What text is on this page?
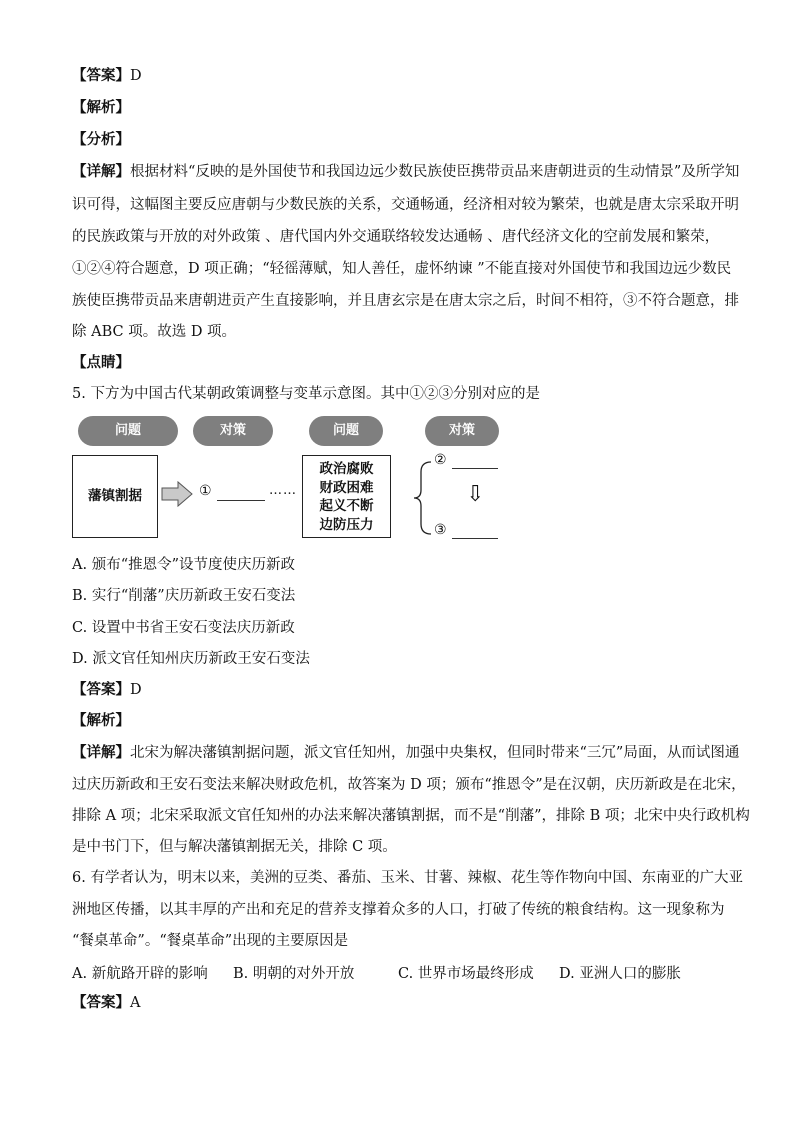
【答案】D
【解析】
【分析】
【详解】根据材料“反映的是外国使节和我国边远少数民族使臣携带贡品来唐朝进贡的生动情景”及所学知
识可得，这幅图主要反应唐朝与少数民族的关系，交通畅通，经济相对较为繁荣，也就是唐太宗采取开明
的民族政策与开放的对外政策 、唐代国内外交通联络较发达通畅 、唐代经济文化的空前发展和繁荣，
①②④符合题意，D 项正确；“轻徭薄赋，知人善任，虚怀纳谏 ”不能直接对外国使节和我国边远少数民
族使臣携带贡品来唐朝进贡产生直接影响，并且唐玄宗是在唐太宗之后，时间不相符，③不符合题意，排
除 ABC 项。故选 D 项。
【点睛】
5. 下方为中国古代某朝政策调整与变革示意图。其中①②③分别对应的是
问题	对策	问题	对策
藩镇割据	①	……
政治腐败
财政困难
起义不断
边防压力
②
⇩
③
A. 颁布“推恩令”设节度使庆历新政
B. 实行“削藩”庆历新政王安石变法
C. 设置中书省王安石变法庆历新政
D. 派文官任知州庆历新政王安石变法
【答案】D
【解析】
【详解】北宋为解决藩镇割据问题，派文官任知州，加强中央集权，但同时带来“三冗”局面，从而试图通
过庆历新政和王安石变法来解决财政危机，故答案为 D 项；颁布“推恩令”是在汉朝，庆历新政是在北宋，
排除 A 项；北宋采取派文官任知州的办法来解决藩镇割据，而不是“削藩”，排除 B 项；北宋中央行政机构
是中书门下，但与解决藩镇割据无关，排除 C 项。
6. 有学者认为，明末以来，美洲的豆类、番茄、玉米、甘薯、辣椒、花生等作物向中国、东南亚的广大亚
洲地区传播，以其丰厚的产出和充足的营养支撑着众多的人口，打破了传统的粮食结构。这一现象称为
“餐桌革命”。“餐桌革命”出现的主要原因是
A. 新航路开辟的影响 B. 明朝的对外开放	C. 世界市场最终形成 D. 亚洲人口的膨胀
【答案】A
